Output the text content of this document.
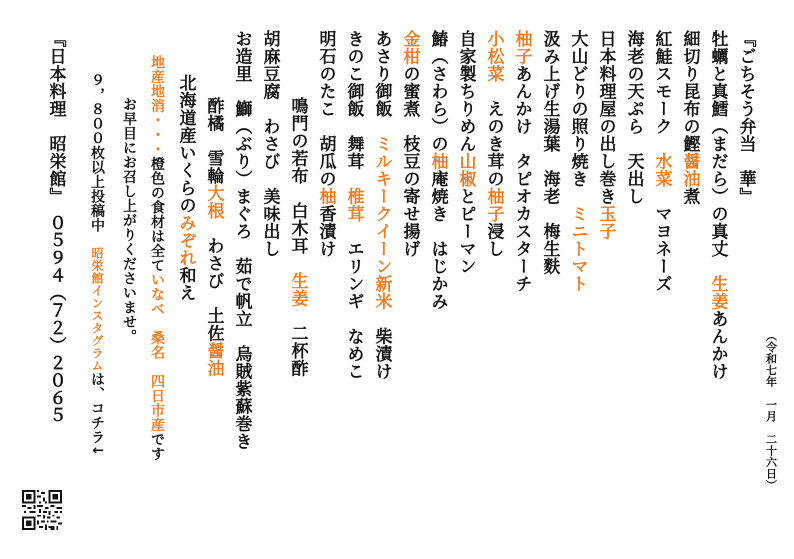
（令和七年　一月　二十六日）
『ごちそう弁当　華』
牡蠣と真鱈（まだら）の真丈　生姜あんかけ
細切り昆布の鰹醤油煮
紅鮭スモーク　水菜　マヨネーズ
海老の天ぷら　天出し
日本料理屋の出し巻き玉子
大山どりの照り焼き　ミニトマト
汲み上げ生湯葉　海老　梅生麩
柚子あんかけ　タピオカスターチ
小松菜　えのき茸の柚子浸し
自家製ちりめん山椒とピーマン
鰆（さわら）の柚庵焼き　はじかみ
金柑の蜜煮　枝豆の寄せ揚げ
あさり御飯　ミルキークイーン新米　柴漬け
きのこ御飯　舞茸　椎茸　エリンギ　なめこ
明石のたこ　胡瓜の柚香漬け
鳴門の若布　白木耳　生姜　二杯酢
胡麻豆腐　わさび　美味出し
お造里　鰤（ぶり）まぐろ　茹で帆立　烏賊紫蘇巻き
酢橘　雪輪大根　わさび　土佐醤油
北海道産いくらのみぞれ和え
地産地消・・・橙色の食材は全ていなべ　桑名　四日市産です
お早目にお召し上がりくださいませ。
９，８００枚以上投稿中　昭栄館インスタグラムは、コチラ↓
『日本料理　昭栄館』　０５９４（７２）２０６５
